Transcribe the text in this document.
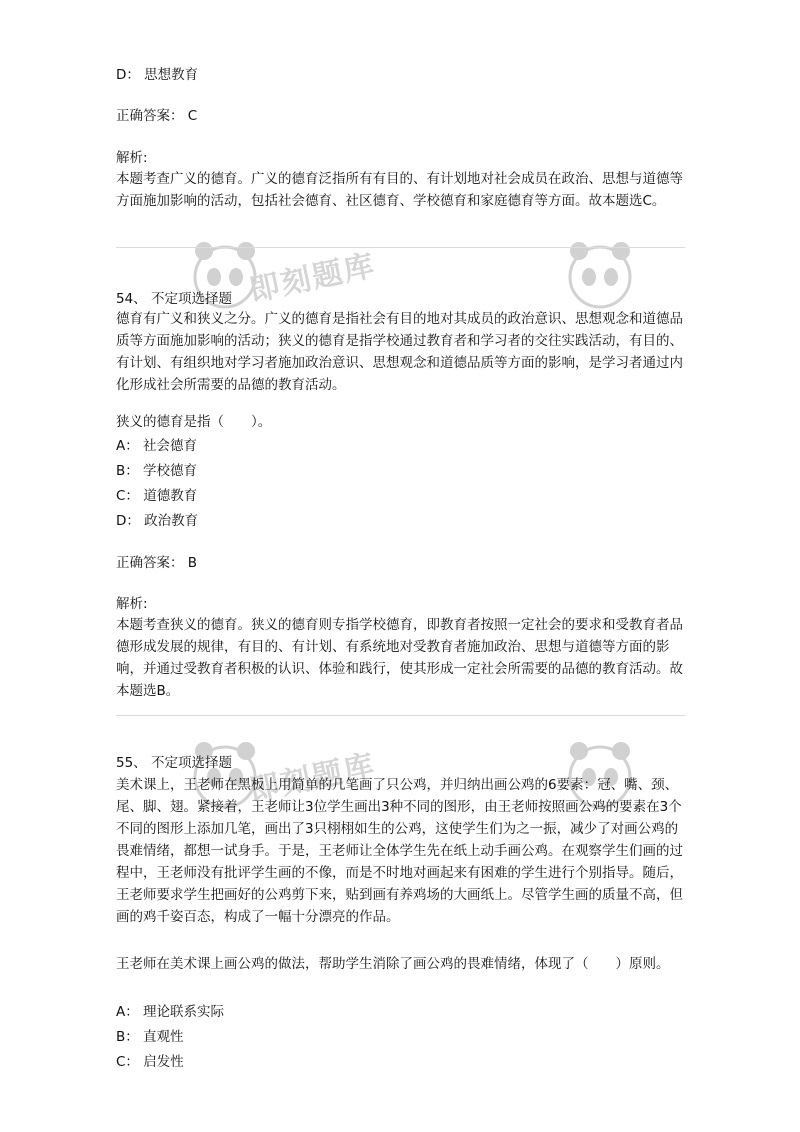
即刻题库
即刻题库
D： 思想教育
正确答案： C
解析:
本题考查广义的德育。广义的德育泛指所有有目的、有计划地对社会成员在政治、思想与道德等方面施加影响的活动，包括社会德育、社区德育、学校德育和家庭德育等方面。故本题选C。
54、 不定项选择题
德育有广义和狭义之分。广义的德育是指社会有目的地对其成员的政治意识、思想观念和道德品质等方面施加影响的活动；狭义的德育是指学校通过教育者和学习者的交往实践活动，有目的、有计划、有组织地对学习者施加政治意识、思想观念和道德品质等方面的影响，是学习者通过内化形成社会所需要的品德的教育活动。
狭义的德育是指（　　）。
A： 社会德育
B： 学校德育
C： 道德教育
D： 政治教育
正确答案： B
解析:
本题考查狭义的德育。狭义的德育则专指学校德育，即教育者按照一定社会的要求和受教育者品德形成发展的规律，有目的、有计划、有系统地对受教育者施加政治、思想与道德等方面的影响，并通过受教育者积极的认识、体验和践行，使其形成一定社会所需要的品德的教育活动。故本题选B。
55、 不定项选择题
美术课上，王老师在黑板上用简单的几笔画了只公鸡，并归纳出画公鸡的6要素：冠、嘴、颈、尾、脚、翅。紧接着，王老师让3位学生画出3种不同的图形，由王老师按照画公鸡的要素在3个不同的图形上添加几笔，画出了3只栩栩如生的公鸡，这使学生们为之一振，减少了对画公鸡的畏难情绪，都想一试身手。于是，王老师让全体学生先在纸上动手画公鸡。在观察学生们画的过程中，王老师没有批评学生画的不像，而是不时地对画起来有困难的学生进行个别指导。随后，王老师要求学生把画好的公鸡剪下来，贴到画有养鸡场的大画纸上。尽管学生画的质量不高，但画的鸡千姿百态，构成了一幅十分漂亮的作品。
王老师在美术课上画公鸡的做法，帮助学生消除了画公鸡的畏难情绪，体现了（　　）原则。
A： 理论联系实际
B： 直观性
C： 启发性
